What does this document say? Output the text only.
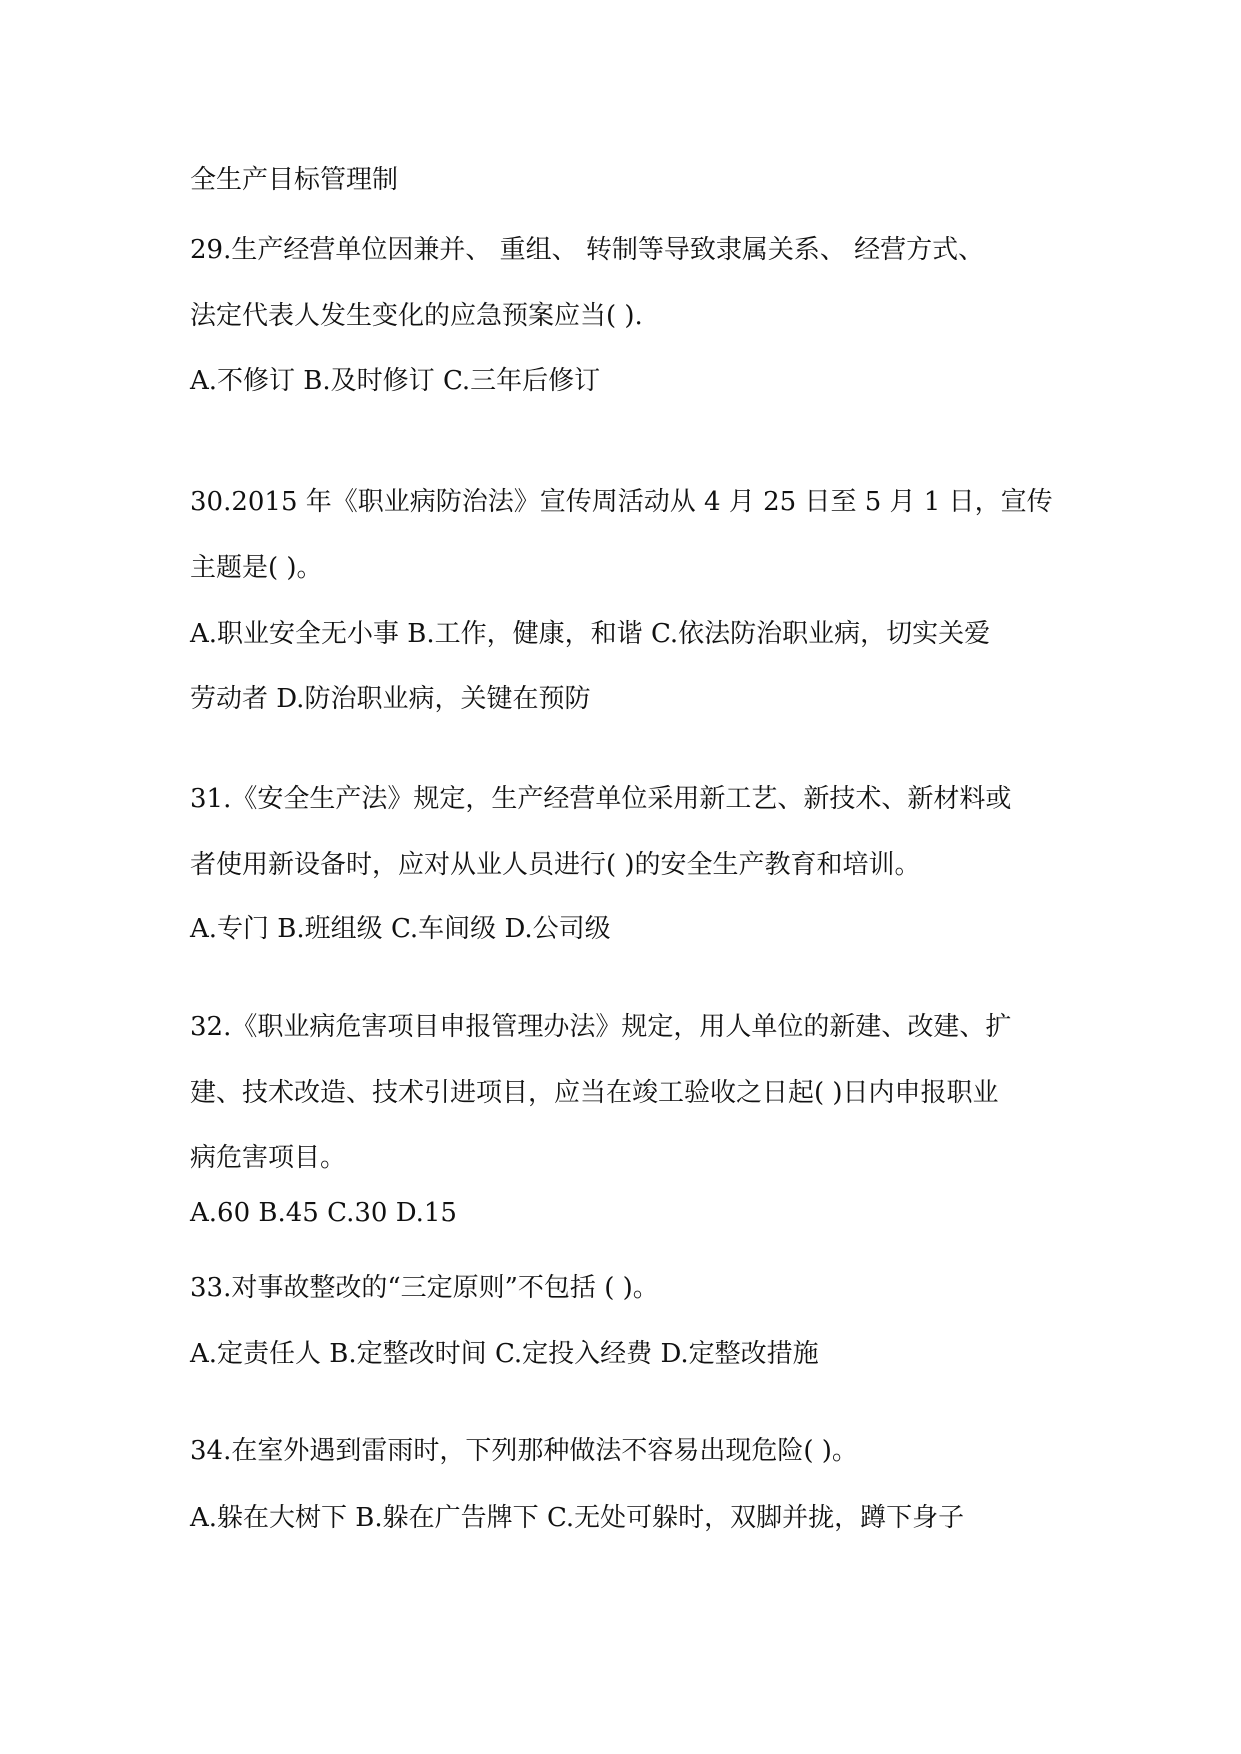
全生产目标管理制
29.生产经营单位因兼并、 重组、 转制等导致隶属关系、 经营方式、
法定代表人发生变化的应急预案应当( ).
A.不修订 B.及时修订 C.三年后修订
30.2015 年《职业病防治法》宣传周活动从 4 月 25 日至 5 月 1 日，宣传
主题是( )。
A.职业安全无小事 B.工作，健康，和谐 C.依法防治职业病，切实关爱
劳动者 D.防治职业病，关键在预防
31.《安全生产法》规定，生产经营单位采用新工艺、新技术、新材料或
者使用新设备时，应对从业人员进行( )的安全生产教育和培训。
A.专门 B.班组级 C.车间级 D.公司级
32.《职业病危害项目申报管理办法》规定，用人单位的新建、改建、扩
建、技术改造、技术引进项目，应当在竣工验收之日起( )日内申报职业
病危害项目。
A.60 B.45 C.30 D.15
33.对事故整改的“三定原则”不包括 ( )。
A.定责任人 B.定整改时间 C.定投入经费 D.定整改措施
34.在室外遇到雷雨时，下列那种做法不容易出现危险( )。
A.躲在大树下 B.躲在广告牌下 C.无处可躲时，双脚并拢，蹲下身子
